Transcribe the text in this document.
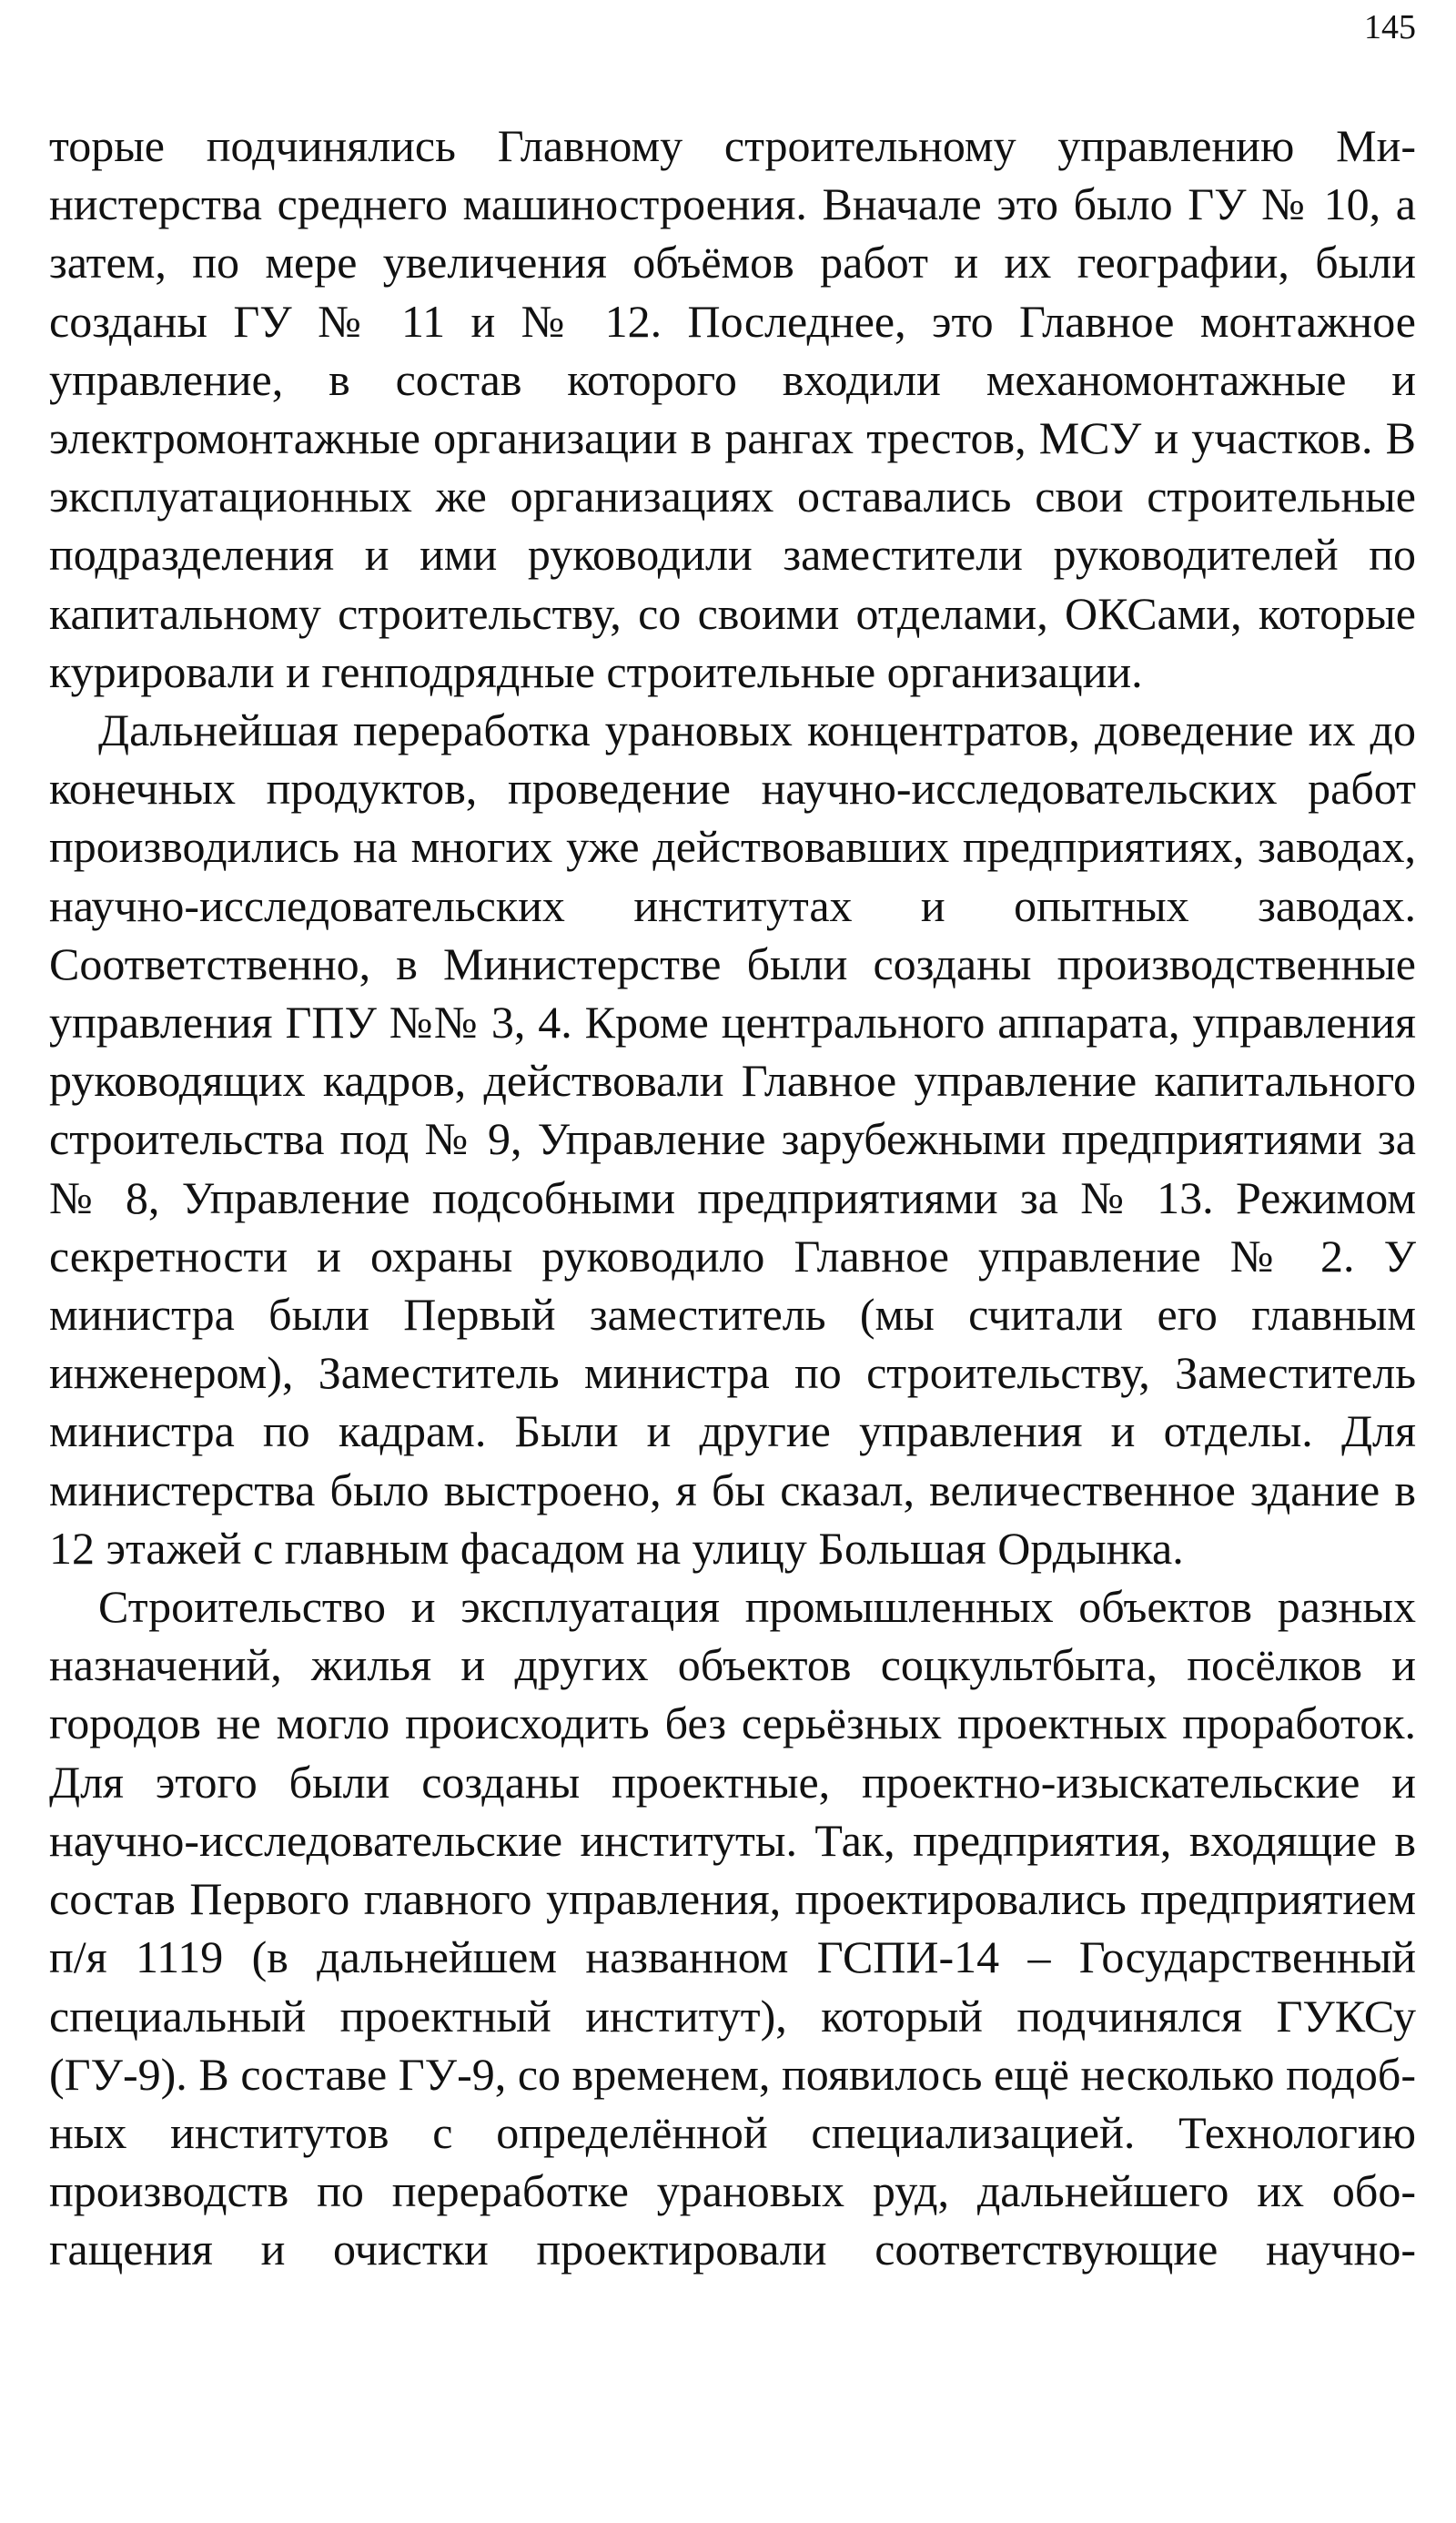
145

торые подчинялись Главному строительному управлению Министерства среднего машиностроения. Вначале это было ГУ № 10, а затем, по мере увеличения объёмов работ и их географии, были созданы ГУ № 11 и № 12. Последнее, это Главное монтажное управление, в состав которого входили механомонтажные и электромонтажные организации в рангах трестов, МСУ и участков. В эксплуатационных же организациях оставались свои строительные подразделения и ими руководили заместители руководителей по капитальному строительству, со своими отделами, ОКСами, которые курировали и генподрядные строительные организации.

Дальнейшая переработка урановых концентратов, доведение их до конечных продуктов, проведение научно-исследовательских работ производились на многих уже действовавших предприятиях, заводах, научно-исследовательских институтах и опытных заводах. Соответственно, в Министерстве были созданы производственные управления ГПУ №№ 3, 4. Кроме центрального аппарата, управления руководящих кадров, действовали Главное управление капитального строительства под № 9, Управление зарубежными предприятиями за № 8, Управление подсобными предприятиями за № 13. Режимом секретности и охраны руководило Главное управление № 2. У министра были Первый заместитель (мы считали его главным инженером), Заместитель министра по строительству, Заместитель министра по кадрам. Были и другие управления и отделы. Для министерства было выстроено, я бы сказал, величественное здание в 12 этажей с главным фасадом на улицу Большая Ордынка.

Строительство и эксплуатация промышленных объектов разных назначений, жилья и других объектов соцкультбыта, посёлков и городов не могло происходить без серьёзных проектных проработок. Для этого были созданы проектные, проектно-изыскательские и научно-исследовательские институты. Так, предприятия, входящие в состав Первого главного управления, проектировались предприятием п/я 1119 (в дальнейшем названном ГСПИ-14 – Государственный специальный проектный институт), который подчинялся ГУКСу (ГУ-9). В составе ГУ-9, со временем, появилось ещё несколько подобных институтов с определённой специализацией. Технологию производств по переработке урановых руд, дальнейшего их обогащения и очистки проектировали соответствующие научно-
